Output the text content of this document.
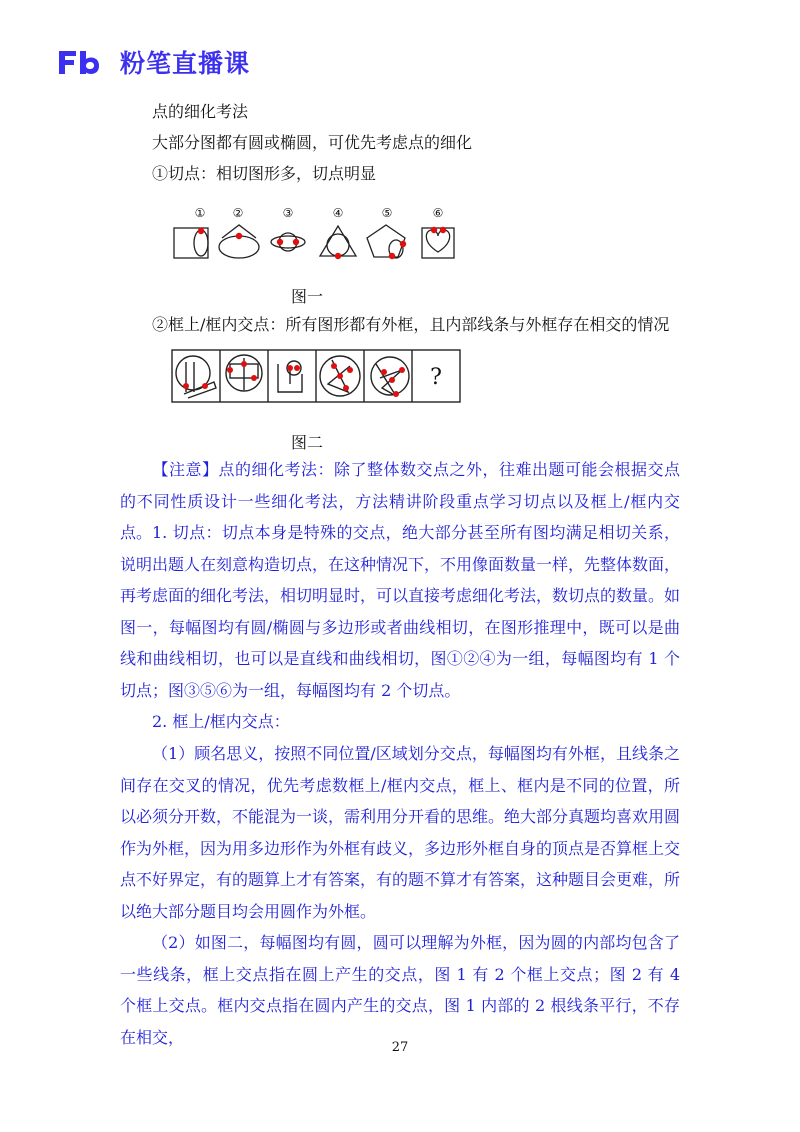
粉笔直播课
点的细化考法
大部分图都有圆或椭圆，可优先考虑点的细化
①切点：相切图形多，切点明显
① ②	③	④	⑤	⑥
图一
②框上/框内交点：所有图形都有外框，且内部线条与外框存在相交的情况
?
图二
【注意】点的细化考法：除了整体数交点之外，往难出题可能会根据交点的不同性质设计一些细化考法，方法精讲阶段重点学习切点以及框上/框内交点。 1. 切点：切点本身是特殊的交点，绝大部分甚至所有图均满足相切关系，说明出题人在刻意构造切点，在这种情况下，不用像面数量一样，先整体数面，再考虑面的细化考法，相切明显时，可以直接考虑细化考法，数切点的数量。如图一，每幅图均有圆/椭圆与多边形或者曲线相切，在图形推理中，既可以是曲线和曲线相切，也可以是直线和曲线相切，图①②④为一组，每幅图均有 1 个切点；图③⑤⑥为一组，每幅图均有 2 个切点。
2. 框上/框内交点：
（1）顾名思义，按照不同位置/区域划分交点，每幅图均有外框，且线条之间存在交叉的情况，优先考虑数框上/框内交点，框上、框内是不同的位置，所以必须分开数，不能混为一谈，需利用分开看的思维。绝大部分真题均喜欢用圆作为外框，因为用多边形作为外框有歧义，多边形外框自身的顶点是否算框上交点不好界定，有的题算上才有答案，有的题不算才有答案，这种题目会更难，所以绝大部分题目均会用圆作为外框。
（2）如图二，每幅图均有圆，圆可以理解为外框，因为圆的内部均包含了一些线条，框上交点指在圆上产生的交点，图 1 有 2 个框上交点；图 2 有 4 个框上交点。框内交点指在圆内产生的交点，图 1 内部的 2 根线条平行，不存在相交，
27
